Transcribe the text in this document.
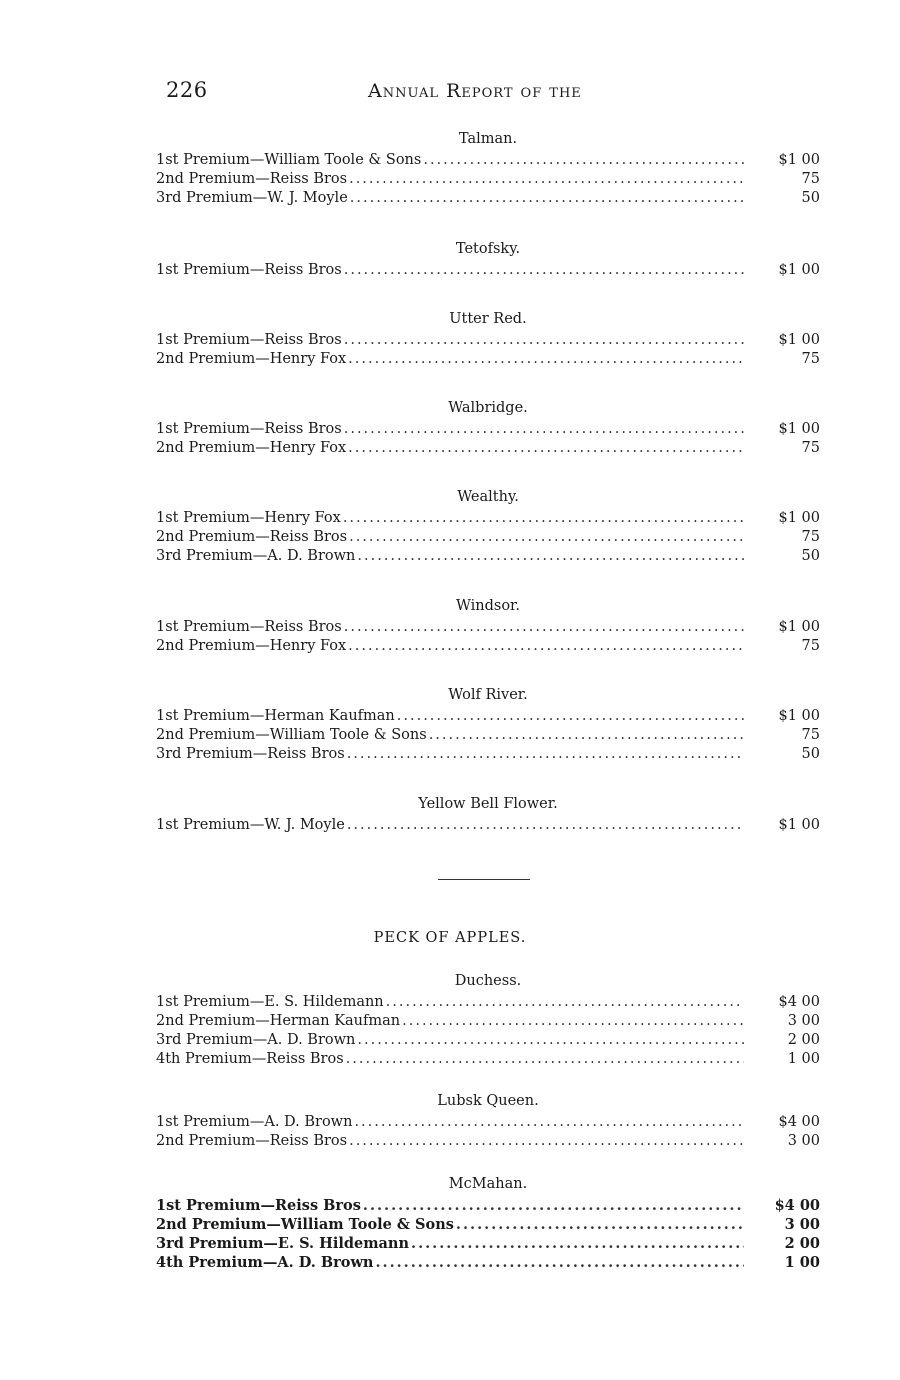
226	Annual Report of the
Talman.
1st Premium—William Toole & Sons .....	$1 00
2nd Premium—Reiss Bros .....	75
3rd Premium—W. J. Moyle .....	50
Tetofsky.
1st Premium—Reiss Bros .....	$1 00
Utter Red.
1st Premium—Reiss Bros .....	$1 00
2nd Premium—Henry Fox .....	75
Walbridge.
1st Premium—Reiss Bros .....	$1 00
2nd Premium—Henry Fox .....	75
Wealthy.
1st Premium—Henry Fox .....	$1 00
2nd Premium—Reiss Bros .....	75
3rd Premium—A. D. Brown .....	50
Windsor.
1st Premium—Reiss Bros .....	$1 00
2nd Premium—Henry Fox .....	75
Wolf River.
1st Premium—Herman Kaufman .....	$1 00
2nd Premium—William Toole & Sons .....	75
3rd Premium—Reiss Bros .....	50
Yellow Bell Flower.
1st Premium—W. J. Moyle .....	$1 00
PECK OF APPLES.
Duchess.
1st Premium—E. S. Hildemann .....	$4 00
2nd Premium—Herman Kaufman .....	3 00
3rd Premium—A. D. Brown .....	2 00
4th Premium—Reiss Bros .....	1 00
Lubsk Queen.
1st Premium—A. D. Brown .....	$4 00
2nd Premium—Reiss Bros .....	3 00
McMahan.
1st Premium—Reiss Bros .....	$4 00
2nd Premium—William Toole & Sons .....	3 00
3rd Premium—E. S. Hildemann .....	2 00
4th Premium—A. D. Brown .....	1 00
